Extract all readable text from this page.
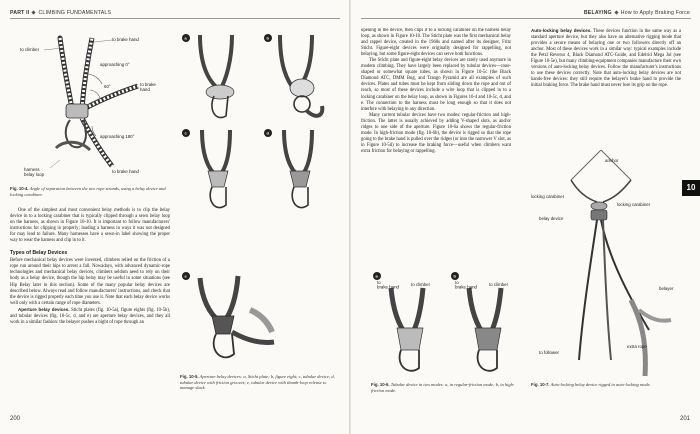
PART II CLIMBING FUNDAMENTALS
to brake hand
to climber
approaching 0°
60°	to brake
hand
approaching 180°
harness
belay loop
to brake hand
Fig. 10-4. Angle of separation between the two rope strands, using a belay device and locking carabiner.

One of the simplest and most convenient belay methods is to clip the belay device in to a locking carabiner that is typically clipped through a sewn belay loop on the harness, as shown in Figure 10-10. It is important to follow manufacturers' instructions for clipping in properly; loading a harness in ways it was not designed for may lead to failure. Many harnesses have a sewn-in label showing the proper way to wear the harness and clip in to it.

Types of Belay Devices

Before mechanical belay devices were invented, climbers relied on the friction of a rope run around their hips to arrest a fall. Nowadays, with advanced dynamic-rope technologies and mechanical belay devices, climbers seldom need to rely on their body as a belay device, though the hip belay may be useful in some situations (see Hip Belay later in this section). Some of the many popular belay devices are described below. Always read and follow manufacturers' instructions, and check that the device is rigged properly each time you use it. Note that each belay device works well only with a certain range of rope diameters.

Aperture belay devices. Sticht plates (fig. 10-5a), figure eights (fig. 10-5b), and tubular devices (fig. 10-5c, d, and e) are aperture belay devices, and they all work in a similar fashion: the belayer pushes a bight of rope through an

a	b
c	d
e
Fig. 10-5. Aperture belay devices: a, Sticht plate; b, figure eight; c, tubular device; d, tubular device with friction grooves; e, tubular device with thumb-loop release to manage slack.
200
BELAYING How to Apply Braking Force

Auto-locking belay devices. These devices function in the same way as a standard aperture device, but they also have an alternative rigging mode that provides a secure means of belaying one or two followers directly off an anchor. Most of these devices work in a similar way: typical examples include the Petzl Reverso 4, Black Diamond ATC-Guide, and Edelrid Mega Jul (see Figure 10-5e), but many climbing-equipment companies manufacture their own versions of auto-locking belay devices. Follow the manufacturer's instructions to use these devices correctly. Note that auto-locking belay devices are not hands-free devices: they still require the belayer's brake hand to provide the initial braking force. The brake hand must never lose its grip on the rope.

a
to
brake hand	to climber
b
to
brake hand	to climber
Fig. 10-6. Tubular device in two modes: a, in regular-friction mode; b, in high-friction mode.
anchor
locking carabiner
locking carabiner
belay device
belayer
extra rope
to follower
Fig. 10-7. Auto-locking belay device rigged in auto-locking mode.
10
201

opening in the device, then clips it to a locking carabiner on the harness belay loop, as shown in Figure 10-10. The Sticht plate was the first mechanical belay and rappel device, created in the 1960s and named after its designer, Fritz Sticht. Figure-eight devices were originally designed for rappelling, not belaying, but some figure-eight devices can serve both functions.

The Sticht plate and figure-eight belay devices are rarely used anymore in modern climbing. They have largely been replaced by tubular devices—cone-shaped or somewhat square tubes, as shown in Figure 10-5c (the Black Diamond ATC, DMM Bug, and Trango Pyramid are all examples of such devices. Plates and tubes must be kept from sliding down the rope and out of reach, so most of these devices include a wire loop that is clipped in to a locking carabiner on the belay loop, as shown in Figures 10-4 and 10-5c, d, and e. The connection to the harness must be long enough so that it does not interfere with belaying in any direction.

Many current tubular devices have two modes: regular-friction and high-friction. The latter is usually achieved by adding V-shaped slots, as and/or ridges to one side of the aperture. Figure 10-6a shows the regular-friction mode. In high-friction mode (fig. 10-6b), the device is rigged so that the rope going to the brake hand is pulled over the ridges (or into the narrower V slot, as in Figure 10-5d) to increase the braking force—useful when climbers want extra friction for belaying or rappelling.
